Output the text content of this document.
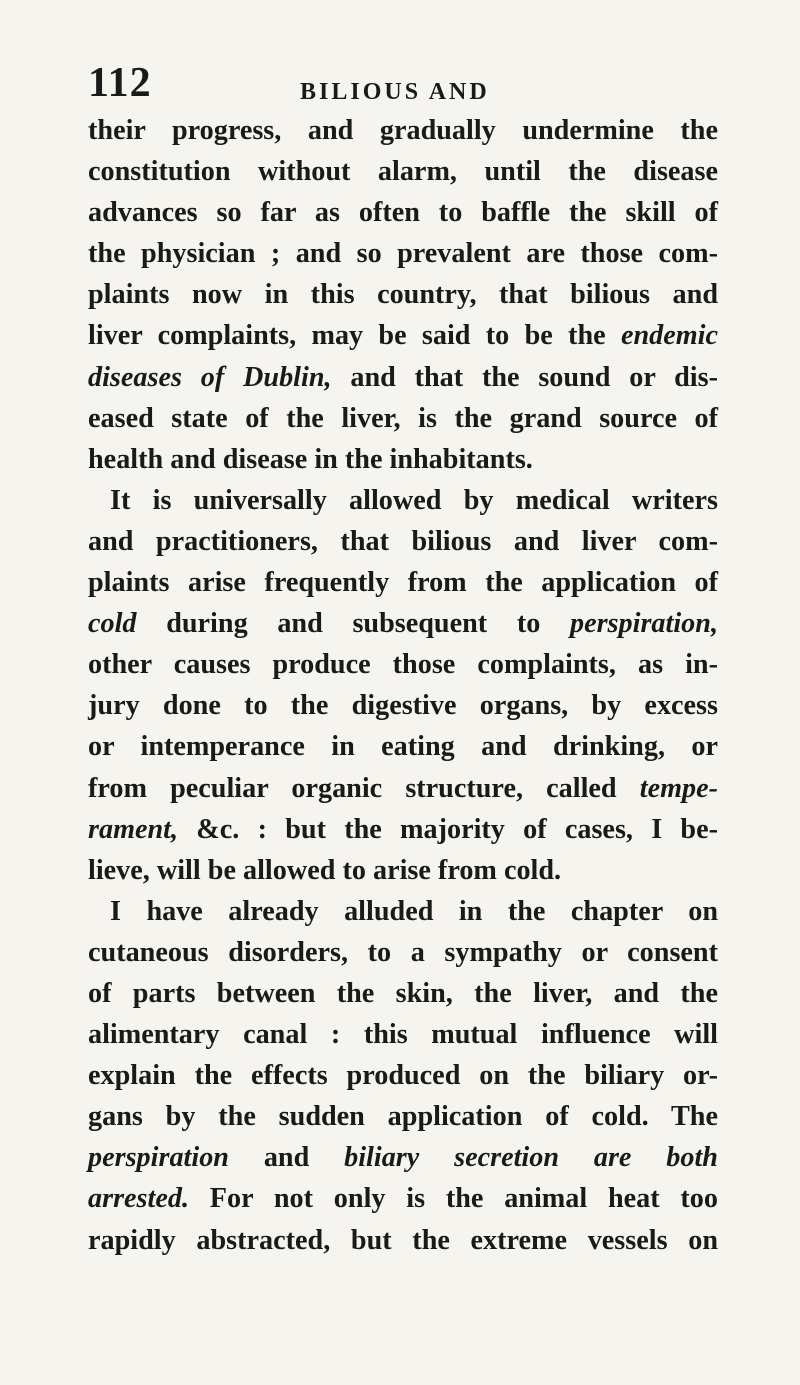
112	BILIOUS AND
their progress, and gradually undermine the
constitution without alarm, until the disease
advances so far as often to baffle the skill of
the physician ; and so prevalent are those com-
plaints now in this country, that bilious and
liver complaints, may be said to be the endemic
diseases of Dublin, and that the sound or dis-
eased state of the liver, is the grand source of
health and disease in the inhabitants.
It is universally allowed by medical writers
and practitioners, that bilious and liver com-
plaints arise frequently from the application of
cold during and subsequent to perspiration,
other causes produce those complaints, as in-
jury done to the digestive organs, by excess
or intemperance in eating and drinking, or
from peculiar organic structure, called tempe-
rament, &c. : but the majority of cases, I be-
lieve, will be allowed to arise from cold.
I have already alluded in the chapter on
cutaneous disorders, to a sympathy or consent
of parts between the skin, the liver, and the
alimentary canal : this mutual influence will
explain the effects produced on the biliary or-
gans by the sudden application of cold. The
perspiration and biliary secretion are both
arrested. For not only is the animal heat too
rapidly abstracted, but the extreme vessels on
